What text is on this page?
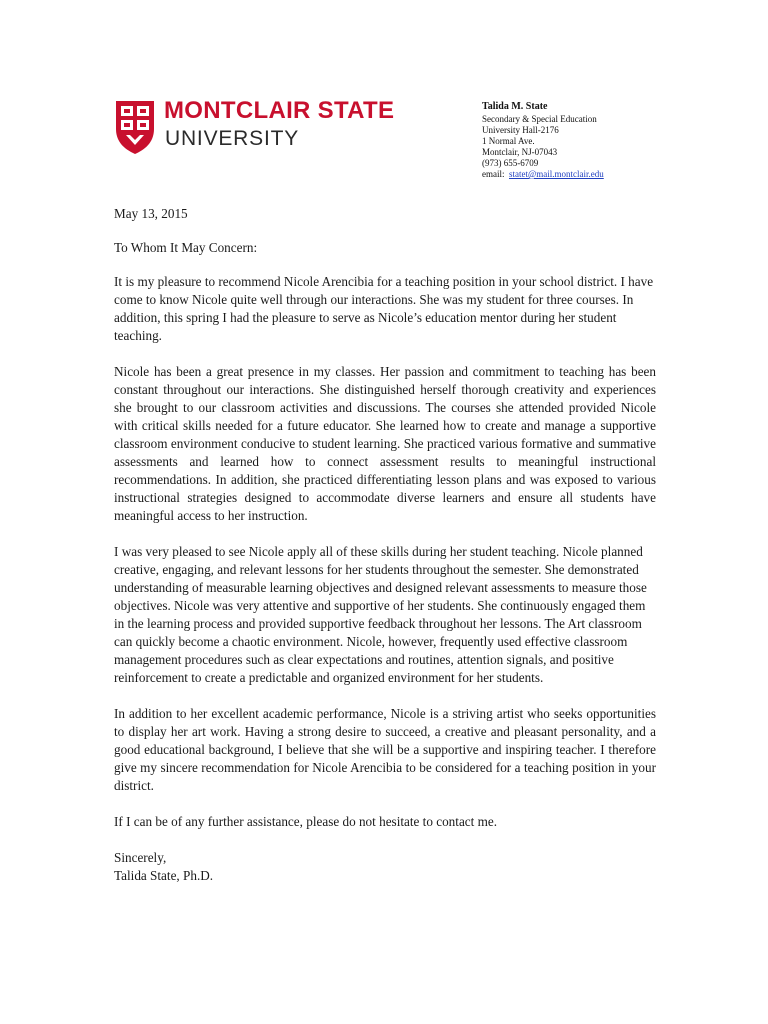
MONTCLAIR STATE
UNIVERSITY
Talida M. State
Secondary & Special Education
University Hall-2176
1 Normal Ave.
Montclair, NJ-07043
(973) 655-6709
email: statet@mail.montclair.edu

May 13, 2015

To Whom It May Concern:

It is my pleasure to recommend Nicole Arencibia for a teaching position in your school district. I have come to know Nicole quite well through our interactions. She was my student for three courses. In addition, this spring I had the pleasure to serve as Nicole’s education mentor during her student teaching.

Nicole has been a great presence in my classes. Her passion and commitment to teaching has been constant throughout our interactions. She distinguished herself thorough creativity and experiences she brought to our classroom activities and discussions. The courses she attended provided Nicole with critical skills needed for a future educator. She learned how to create and manage a supportive classroom environment conducive to student learning. She practiced various formative and summative assessments and learned how to connect assessment results to meaningful instructional recommendations. In addition, she practiced differentiating lesson plans and was exposed to various instructional strategies designed to accommodate diverse learners and ensure all students have meaningful access to her instruction.

I was very pleased to see Nicole apply all of these skills during her student teaching. Nicole planned creative, engaging, and relevant lessons for her students throughout the semester. She demonstrated understanding of measurable learning objectives and designed relevant assessments to measure those objectives. Nicole was very attentive and supportive of her students. She continuously engaged them in the learning process and provided supportive feedback throughout her lessons. The Art classroom can quickly become a chaotic environment. Nicole, however, frequently used effective classroom management procedures such as clear expectations and routines, attention signals, and positive reinforcement to create a predictable and organized environment for her students.

In addition to her excellent academic performance, Nicole is a striving artist who seeks opportunities to display her art work. Having a strong desire to succeed, a creative and pleasant personality, and a good educational background, I believe that she will be a supportive and inspiring teacher. I therefore give my sincere recommendation for Nicole Arencibia to be considered for a teaching position in your district.

If I can be of any further assistance, please do not hesitate to contact me.

Sincerely,

Talida State, Ph.D.
